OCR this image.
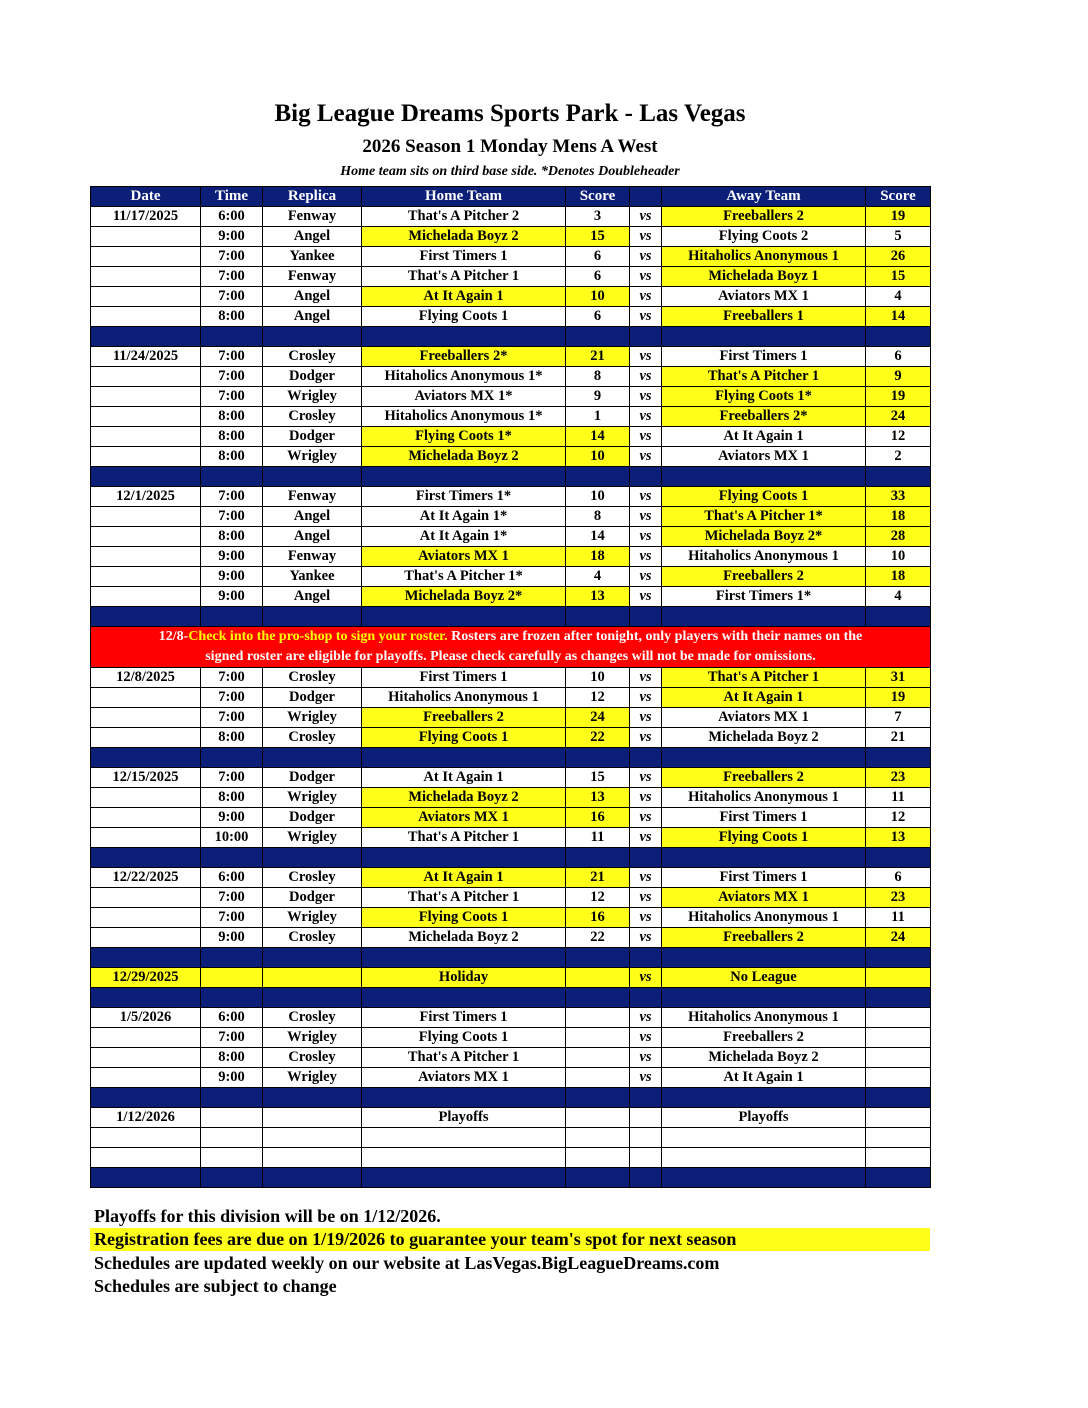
Big League Dreams Sports Park - Las Vegas
2026 Season 1 Monday Mens A West
Home team sits on third base side. *Denotes Doubleheader
Date	Time	Replica	Home Team	Score		Away Team	Score
11/17/2025	6:00	Fenway	That's A Pitcher 2	3	vs	Freeballers 2	19
	9:00	Angel	Michelada Boyz 2	15	vs	Flying Coots 2	5
	7:00	Yankee	First Timers 1	6	vs	Hitaholics Anonymous 1	26
	7:00	Fenway	That's A Pitcher 1	6	vs	Michelada Boyz 1	15
	7:00	Angel	At It Again 1	10	vs	Aviators MX 1	4
	8:00	Angel	Flying Coots 1	6	vs	Freeballers 1	14

11/24/2025	7:00	Crosley	Freeballers 2*	21	vs	First Timers 1	6
	7:00	Dodger	Hitaholics Anonymous 1*	8	vs	That's A Pitcher 1	9
	7:00	Wrigley	Aviators MX 1*	9	vs	Flying Coots 1*	19
	8:00	Crosley	Hitaholics Anonymous 1*	1	vs	Freeballers 2*	24
	8:00	Dodger	Flying Coots 1*	14	vs	At It Again 1	12
	8:00	Wrigley	Michelada Boyz 2	10	vs	Aviators MX 1	2

12/1/2025	7:00	Fenway	First Timers 1*	10	vs	Flying Coots 1	33
	7:00	Angel	At It Again 1*	8	vs	That's A Pitcher 1*	18
	8:00	Angel	At It Again 1*	14	vs	Michelada Boyz 2*	28
	9:00	Fenway	Aviators MX 1	18	vs	Hitaholics Anonymous 1	10
	9:00	Yankee	That's A Pitcher 1*	4	vs	Freeballers 2	18
	9:00	Angel	Michelada Boyz 2*	13	vs	First Timers 1*	4

12/8-Check into the pro-shop to sign your roster. Rosters are frozen after tonight, only players with their names on the
signed roster are eligible for playoffs. Please check carefully as changes will not be made for omissions.							

12/8/2025	7:00	Crosley	First Timers 1	10	vs	That's A Pitcher 1	31
	7:00	Dodger	Hitaholics Anonymous 1	12	vs	At It Again 1	19
	7:00	Wrigley	Freeballers 2	24	vs	Aviators MX 1	7
	8:00	Crosley	Flying Coots 1	22	vs	Michelada Boyz 2	21

12/15/2025	7:00	Dodger	At It Again 1	15	vs	Freeballers 2	23
	8:00	Wrigley	Michelada Boyz 2	13	vs	Hitaholics Anonymous 1	11
	9:00	Dodger	Aviators MX 1	16	vs	First Timers 1	12
	10:00	Wrigley	That's A Pitcher 1	11	vs	Flying Coots 1	13

12/22/2025	6:00	Crosley	At It Again 1	21	vs	First Timers 1	6
	7:00	Dodger	That's A Pitcher 1	12	vs	Aviators MX 1	23
	7:00	Wrigley	Flying Coots 1	16	vs	Hitaholics Anonymous 1	11
	9:00	Crosley	Michelada Boyz 2	22	vs	Freeballers 2	24

12/29/2025			Holiday		vs	No League	

1/5/2026	6:00	Crosley	First Timers 1		vs	Hitaholics Anonymous 1	
	7:00	Wrigley	Flying Coots 1		vs	Freeballers 2	
	8:00	Crosley	That's A Pitcher 1		vs	Michelada Boyz 2	
	9:00	Wrigley	Aviators MX 1		vs	At It Again 1	

1/12/2026			Playoffs			Playoffs	

Playoffs for this division will be on 1/12/2026.
Registration fees are due on 1/19/2026 to guarantee your team's spot for next season
Schedules are updated weekly on our website at LasVegas.BigLeagueDreams.com
Schedules are subject to change
